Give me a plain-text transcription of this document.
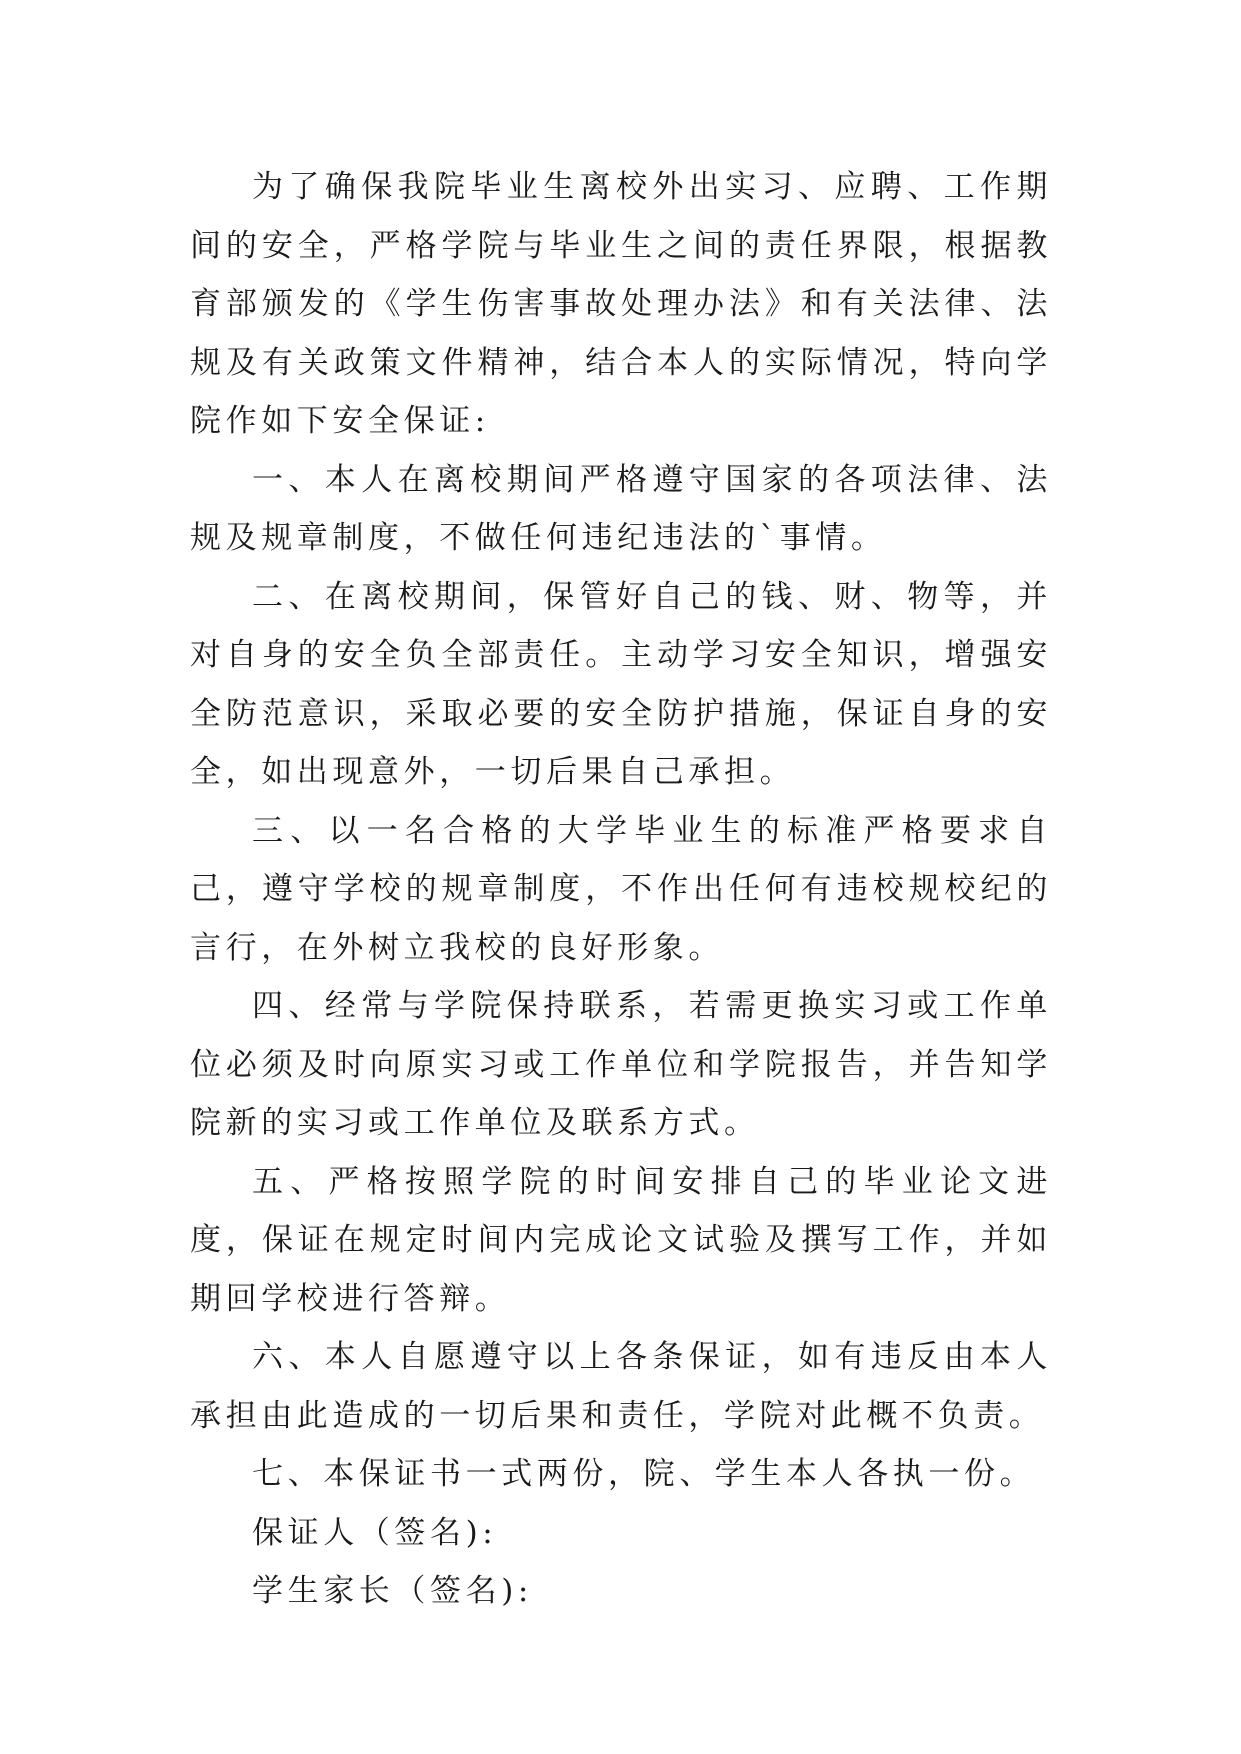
为了确保我院毕业生离校外出实习、应聘、工作期间的安全，严格学院与毕业生之间的责任界限，根据教育部颁发的《学生伤害事故处理办法》和有关法律、法规及有关政策文件精神，结合本人的实际情况，特向学院作如下安全保证:

一、本人在离校期间严格遵守国家的各项法律、法规及规章制度，不做任何违纪违法的`事情。

二、在离校期间，保管好自己的钱、财、物等，并对自身的安全负全部责任。主动学习安全知识，增强安全防范意识，采取必要的安全防护措施，保证自身的安全，如出现意外，一切后果自己承担。

三、以一名合格的大学毕业生的标准严格要求自己，遵守学校的规章制度，不作出任何有违校规校纪的言行，在外树立我校的良好形象。

四、经常与学院保持联系，若需更换实习或工作单位必须及时向原实习或工作单位和学院报告，并告知学院新的实习或工作单位及联系方式。

五、严格按照学院的时间安排自己的毕业论文进度，保证在规定时间内完成论文试验及撰写工作，并如期回学校进行答辩。

六、本人自愿遵守以上各条保证，如有违反由本人承担由此造成的一切后果和责任，学院对此概不负责。

七、本保证书一式两份，院、学生本人各执一份。

保证人（签名):

学生家长（签名):
